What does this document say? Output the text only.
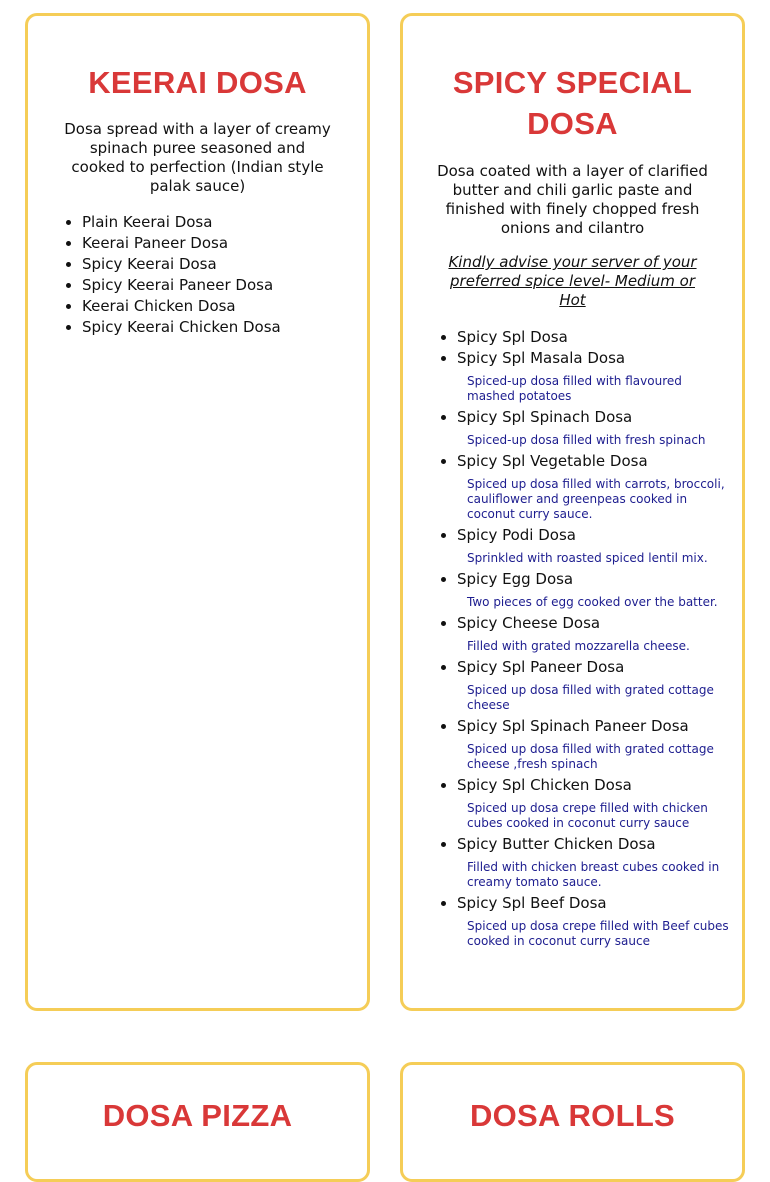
KEERAI DOSA

Dosa spread with a layer of creamy spinach puree seasoned and cooked to perfection (Indian style palak sauce)

• Plain Keerai Dosa
• Keerai Paneer Dosa
• Spicy Keerai Dosa
• Spicy Keerai Paneer Dosa
• Keerai Chicken Dosa
• Spicy Keerai Chicken Dosa
SPICY SPECIAL DOSA

Dosa coated with a layer of clarified butter and chili garlic paste and finished with finely chopped fresh onions and cilantro

Kindly advise your server of your preferred spice level- Medium or Hot

• Spicy Spl Dosa
• Spicy Spl Masala Dosa
Spiced-up dosa filled with flavoured mashed potatoes
• Spicy Spl Spinach Dosa
Spiced-up dosa filled with fresh spinach
• Spicy Spl Vegetable Dosa
Spiced up dosa filled with carrots, broccoli, cauliflower and greenpeas cooked in coconut curry sauce.
• Spicy Podi Dosa
Sprinkled with roasted spiced lentil mix.
• Spicy Egg Dosa
Two pieces of egg cooked over the batter.
• Spicy Cheese Dosa
Filled with grated mozzarella cheese.
• Spicy Spl Paneer Dosa
Spiced up dosa filled with grated cottage cheese
• Spicy Spl Spinach Paneer Dosa
Spiced up dosa filled with grated cottage cheese ,fresh spinach
• Spicy Spl Chicken Dosa
Spiced up dosa crepe filled with chicken cubes cooked in coconut curry sauce
• Spicy Butter Chicken Dosa
Filled with chicken breast cubes cooked in creamy tomato sauce.
• Spicy Spl Beef Dosa
Spiced up dosa crepe filled with Beef cubes cooked in coconut curry sauce
DOSA PIZZA	DOSA ROLLS
